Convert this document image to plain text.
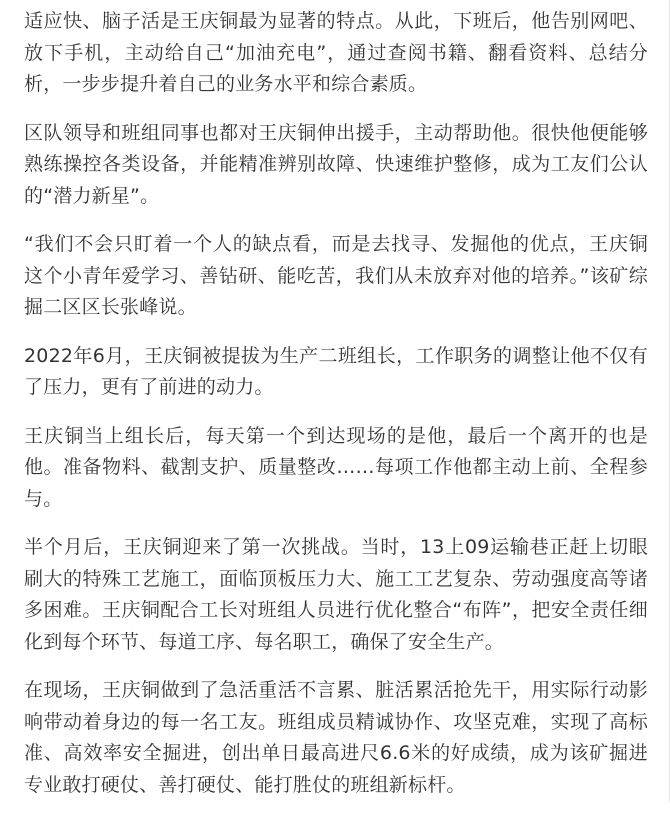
适应快、脑子活是王庆铜最为显著的特点。从此，下班后，他告别网吧、放下手机，主动给自己“加油充电”，通过查阅书籍、翻看资料、总结分析，一步步提升着自己的业务水平和综合素质。

区队领导和班组同事也都对王庆铜伸出援手，主动帮助他。很快他便能够熟练操控各类设备，并能精准辨别故障、快速维护整修，成为工友们公认的“潜力新星”。

“我们不会只盯着一个人的缺点看，而是去找寻、发掘他的优点，王庆铜这个小青年爱学习、善钻研、能吃苦，我们从未放弃对他的培养。”该矿综掘二区区长张峰说。

2022年6月，王庆铜被提拔为生产二班组长，工作职务的调整让他不仅有了压力，更有了前进的动力。

王庆铜当上组长后，每天第一个到达现场的是他，最后一个离开的也是他。准备物料、截割支护、质量整改……每项工作他都主动上前、全程参与。

半个月后，王庆铜迎来了第一次挑战。当时，13上09运输巷正赶上切眼刷大的特殊工艺施工，面临顶板压力大、施工工艺复杂、劳动强度高等诸多困难。王庆铜配合工长对班组人员进行优化整合“布阵”，把安全责任细化到每个环节、每道工序、每名职工，确保了安全生产。

在现场，王庆铜做到了急活重活不言累、脏活累活抢先干，用实际行动影响带动着身边的每一名工友。班组成员精诚协作、攻坚克难，实现了高标准、高效率安全掘进，创出单日最高进尺6.6米的好成绩，成为该矿掘进专业敢打硬仗、善打硬仗、能打胜仗的班组新标杆。
